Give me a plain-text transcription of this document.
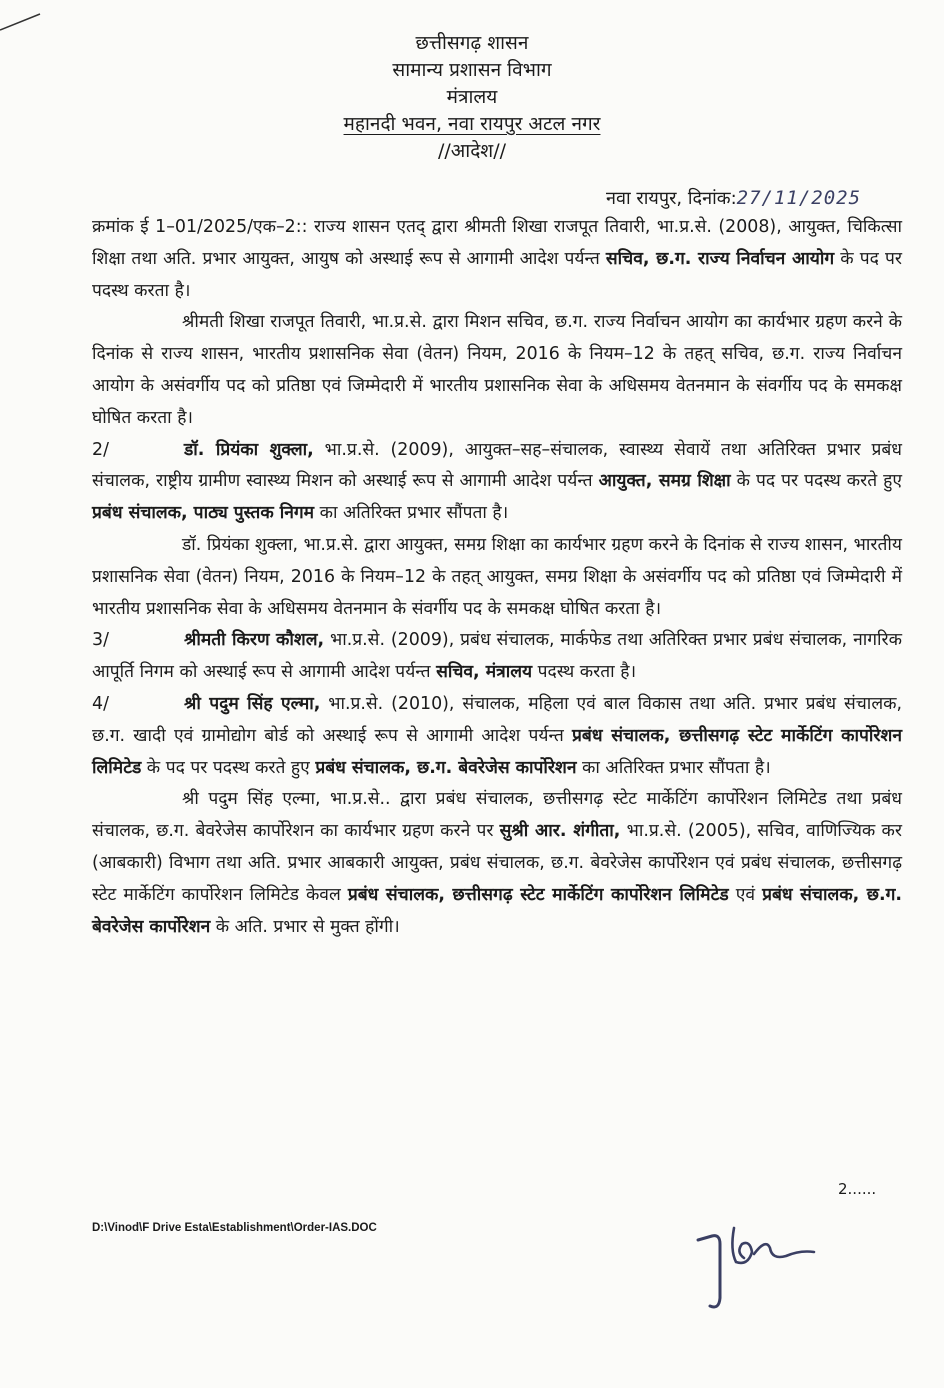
छत्तीसगढ़ शासन
सामान्य प्रशासन विभाग
मंत्रालय
महानदी भवन, नवा रायपुर अटल नगर
//आदेश//
नवा रायपुर, दिनांक:27/11/2025

क्रमांक ई 1–01/2025/एक–2:: राज्य शासन एतद् द्वारा श्रीमती शिखा राजपूत तिवारी, भा.प्र.से. (2008), आयुक्त, चिकित्सा शिक्षा तथा अति. प्रभार आयुक्त, आयुष को अस्थाई रूप से आगामी आदेश पर्यन्त सचिव, छ.ग. राज्य निर्वाचन आयोग के पद पर पदस्थ करता है।

श्रीमती शिखा राजपूत तिवारी, भा.प्र.से. द्वारा मिशन सचिव, छ.ग. राज्य निर्वाचन आयोग का कार्यभार ग्रहण करने के दिनांक से राज्य शासन, भारतीय प्रशासनिक सेवा (वेतन) नियम, 2016 के नियम–12 के तहत् सचिव, छ.ग. राज्य निर्वाचन आयोग के असंवर्गीय पद को प्रतिष्ठा एवं जिम्मेदारी में भारतीय प्रशासनिक सेवा के अधिसमय वेतनमान के संवर्गीय पद के समकक्ष घोषित करता है।

2/	डॉ. प्रियंका शुक्ला, भा.प्र.से. (2009), आयुक्त–सह–संचालक, स्वास्थ्य सेवायें तथा अतिरिक्त प्रभार प्रबंध संचालक, राष्ट्रीय ग्रामीण स्वास्थ्य मिशन को अस्थाई रूप से आगामी आदेश पर्यन्त आयुक्त, समग्र शिक्षा के पद पर पदस्थ करते हुए प्रबंध संचालक, पाठ्य पुस्तक निगम का अतिरिक्त प्रभार सौंपता है।

डॉ. प्रियंका शुक्ला, भा.प्र.से. द्वारा आयुक्त, समग्र शिक्षा का कार्यभार ग्रहण करने के दिनांक से राज्य शासन, भारतीय प्रशासनिक सेवा (वेतन) नियम, 2016 के नियम–12 के तहत् आयुक्त, समग्र शिक्षा के असंवर्गीय पद को प्रतिष्ठा एवं जिम्मेदारी में भारतीय प्रशासनिक सेवा के अधिसमय वेतनमान के संवर्गीय पद के समकक्ष घोषित करता है।

3/	श्रीमती किरण कौशल, भा.प्र.से. (2009), प्रबंध संचालक, मार्कफेड तथा अतिरिक्त प्रभार प्रबंध संचालक, नागरिक आपूर्ति निगम को अस्थाई रूप से आगामी आदेश पर्यन्त सचिव, मंत्रालय पदस्थ करता है।

4/	श्री पदुम सिंह एल्मा, भा.प्र.से. (2010), संचालक, महिला एवं बाल विकास तथा अति. प्रभार प्रबंध संचालक, छ.ग. खादी एवं ग्रामोद्योग बोर्ड को अस्थाई रूप से आगामी आदेश पर्यन्त प्रबंध संचालक, छत्तीसगढ़ स्टेट मार्केटिंग कार्पोरेशन लिमिटेड के पद पर पदस्थ करते हुए प्रबंध संचालक, छ.ग. बेवरेजेस कार्पोरेशन का अतिरिक्त प्रभार सौंपता है।

श्री पदुम सिंह एल्मा, भा.प्र.से.. द्वारा प्रबंध संचालक, छत्तीसगढ़ स्टेट मार्केटिंग कार्पोरेशन लिमिटेड तथा प्रबंध संचालक, छ.ग. बेवरेजेस कार्पोरेशन का कार्यभार ग्रहण करने पर सुश्री आर. शंगीता, भा.प्र.से. (2005), सचिव, वाणिज्यिक कर (आबकारी) विभाग तथा अति. प्रभार आबकारी आयुक्त, प्रबंध संचालक, छ.ग. बेवरेजेस कार्पोरेशन एवं प्रबंध संचालक, छत्तीसगढ़ स्टेट मार्केटिंग कार्पोरेशन लिमिटेड केवल प्रबंध संचालक, छत्तीसगढ़ स्टेट मार्केटिंग कार्पोरेशन लिमिटेड एवं प्रबंध संचालक, छ.ग. बेवरेजेस कार्पोरेशन के अति. प्रभार से मुक्त होंगी।

2......
D:\Vinod\F Drive Esta\Establishment\Order-IAS.DOC
